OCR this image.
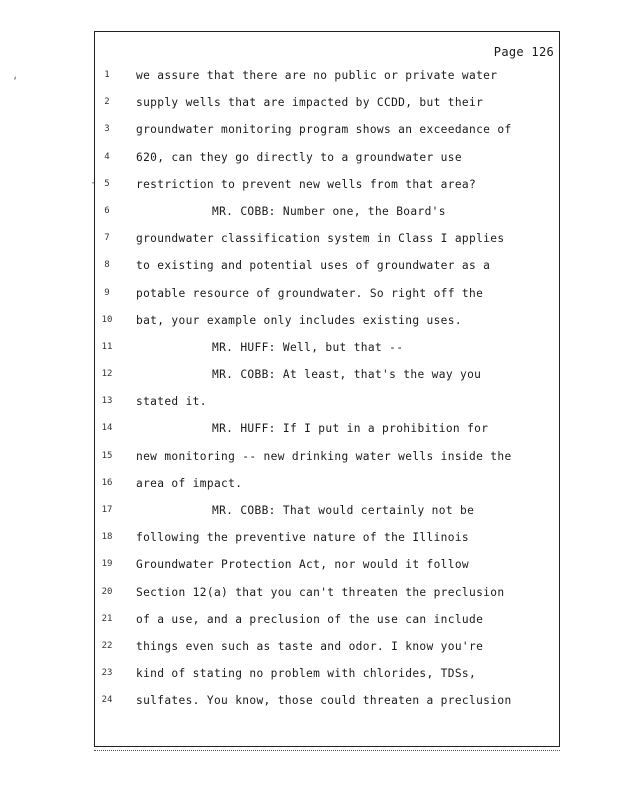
Page 126
1	we assure that there are no public or private water
2	supply wells that are impacted by CCDD, but their
3	groundwater monitoring program shows an exceedance of
4	620, can they go directly to a groundwater use
5	restriction to prevent new wells from that area?
6	MR. COBB: Number one, the Board's
7	groundwater classification system in Class I applies
8	to existing and potential uses of groundwater as a
9	potable resource of groundwater. So right off the
10	bat, your example only includes existing uses.
11	MR. HUFF: Well, but that --
12	MR. COBB: At least, that's the way you
13	stated it.
14	MR. HUFF: If I put in a prohibition for
15	new monitoring -- new drinking water wells inside the
16	area of impact.
17	MR. COBB: That would certainly not be
18	following the preventive nature of the Illinois
19	Groundwater Protection Act, nor would it follow
20	Section 12(a) that you can't threaten the preclusion
21	of a use, and a preclusion of the use can include
22	things even such as taste and odor. I know you're
23	kind of stating no problem with chlorides, TDSs,
24	sulfates. You know, those could threaten a preclusion
ʻ
·
